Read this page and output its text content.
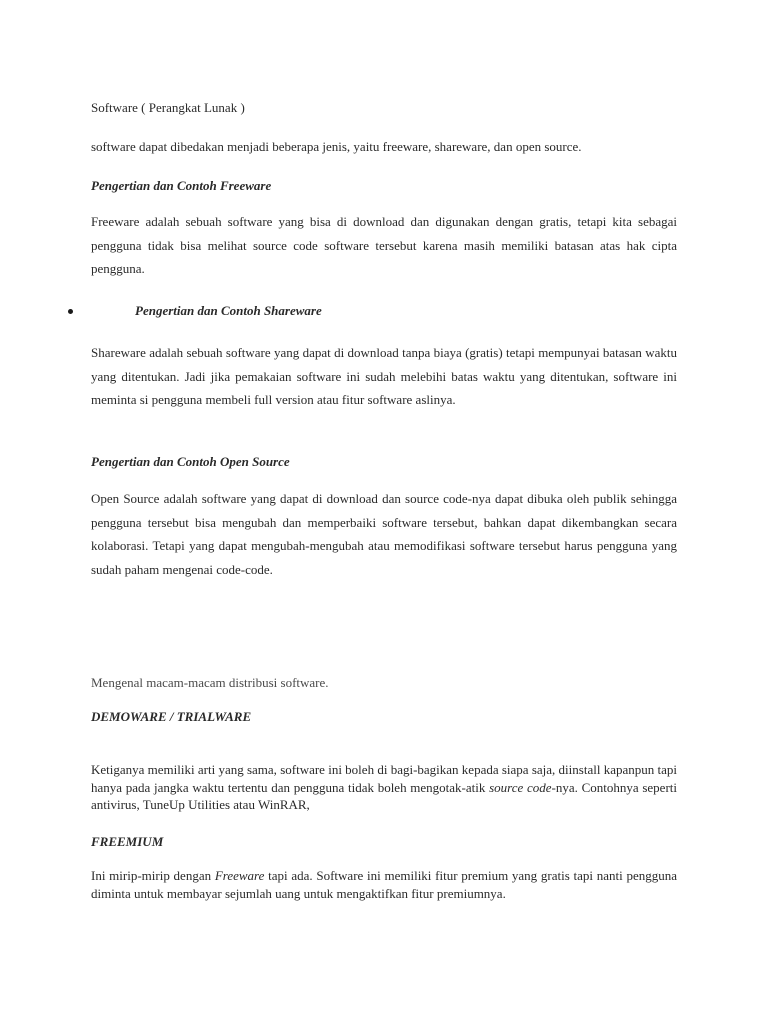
Software ( Perangkat Lunak )

software dapat dibedakan menjadi beberapa jenis, yaitu freeware, shareware, dan open source.

Pengertian dan Contoh Freeware

Freeware adalah sebuah software yang bisa di download dan digunakan dengan gratis, tetapi kita sebagai pengguna tidak bisa melihat source code software tersebut karena masih memiliki batasan atas hak cipta pengguna.

Pengertian dan Contoh Shareware

Shareware adalah sebuah software yang dapat di download tanpa biaya (gratis) tetapi mempunyai batasan waktu yang ditentukan. Jadi jika pemakaian software ini sudah melebihi batas waktu yang ditentukan, software ini meminta si pengguna membeli full version atau fitur software aslinya.

Pengertian dan Contoh Open Source

Open Source adalah software yang dapat di download dan source code-nya dapat dibuka oleh publik sehingga pengguna tersebut bisa mengubah dan memperbaiki software tersebut, bahkan dapat dikembangkan secara kolaborasi. Tetapi yang dapat mengubah-mengubah atau memodifikasi software tersebut harus pengguna yang sudah paham mengenai code-code.

Mengenal macam-macam distribusi software.

DEMOWARE / TRIALWARE

Ketiganya memiliki arti yang sama, software ini boleh di bagi-bagikan kepada siapa saja, diinstall kapanpun tapi hanya pada jangka waktu tertentu dan pengguna tidak boleh mengotak-atik source code-nya. Contohnya seperti antivirus, TuneUp Utilities atau WinRAR,

FREEMIUM

Ini mirip-mirip dengan Freeware tapi ada. Software ini memiliki fitur premium yang gratis tapi nanti pengguna diminta untuk membayar sejumlah uang untuk mengaktifkan fitur premiumnya.
